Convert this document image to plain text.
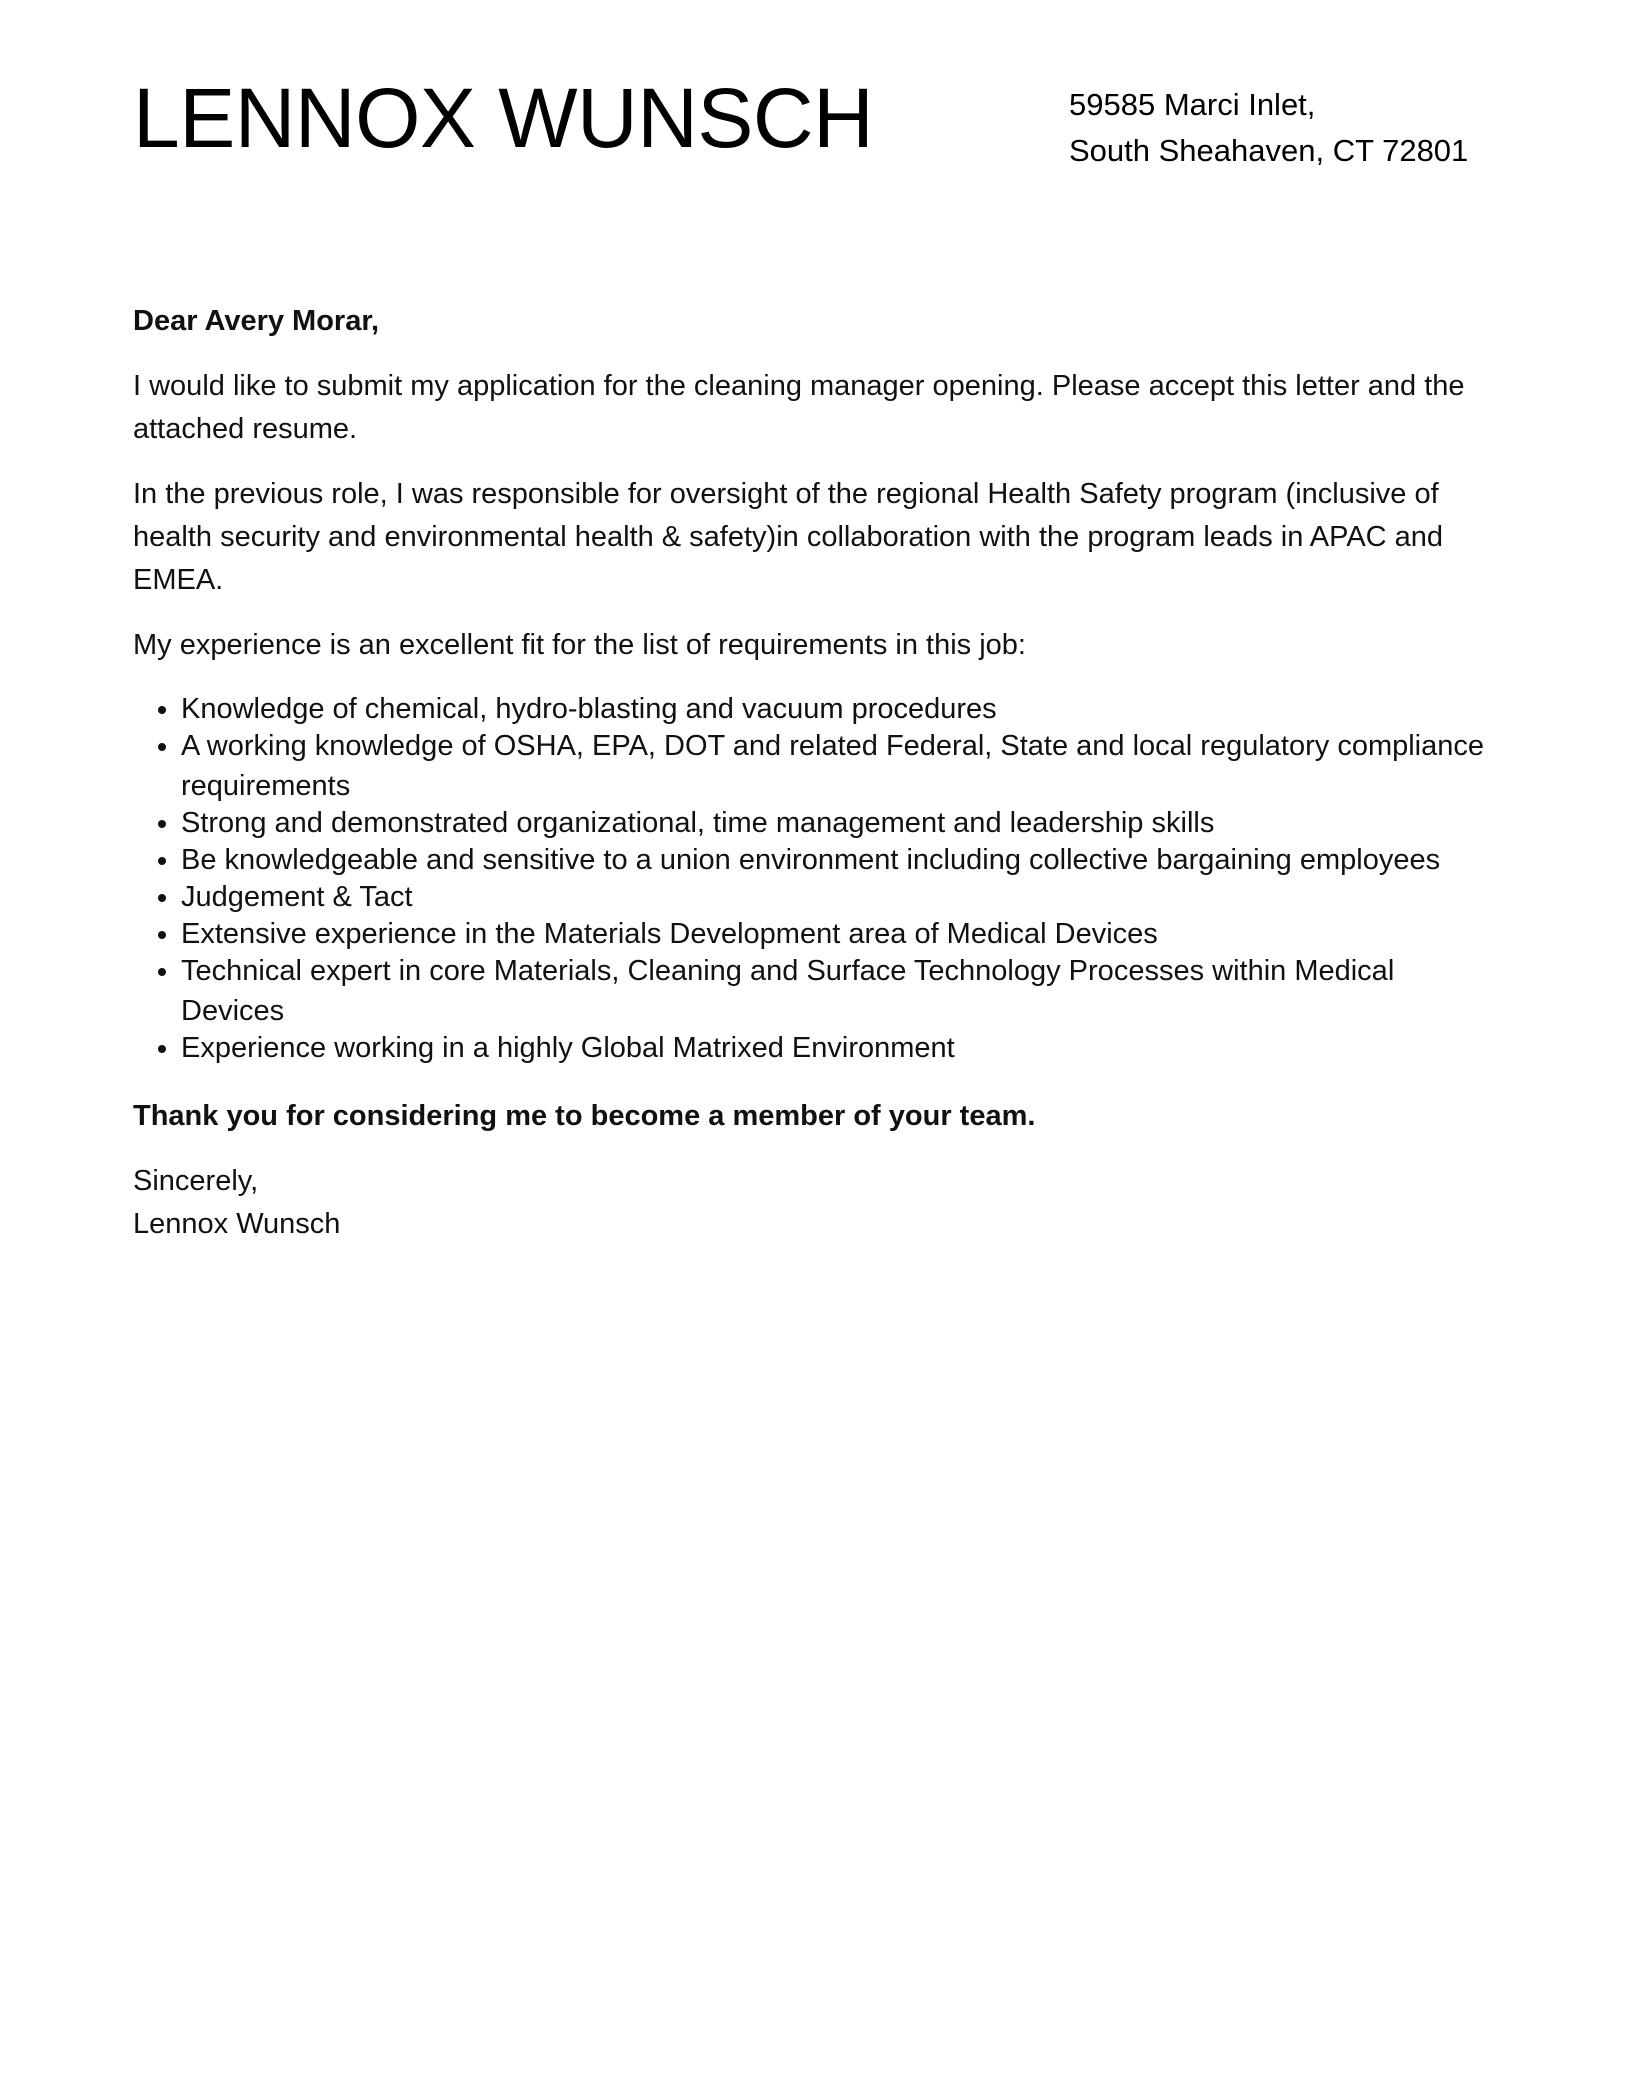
LENNOX WUNSCH	59585 Marci Inlet,
South Sheahaven, CT 72801

Dear Avery Morar,

I would like to submit my application for the cleaning manager opening. Please accept this letter and the attached resume.

In the previous role, I was responsible for oversight of the regional Health Safety program (inclusive of health security and environmental health & safety)in collaboration with the program leads in APAC and EMEA.

My experience is an excellent fit for the list of requirements in this job:

• Knowledge of chemical, hydro-blasting and vacuum procedures
• A working knowledge of OSHA, EPA, DOT and related Federal, State and local regulatory compliance requirements
• Strong and demonstrated organizational, time management and leadership skills
• Be knowledgeable and sensitive to a union environment including collective bargaining employees
• Judgement & Tact
• Extensive experience in the Materials Development area of Medical Devices
• Technical expert in core Materials, Cleaning and Surface Technology Processes within Medical Devices
• Experience working in a highly Global Matrixed Environment

Thank you for considering me to become a member of your team.

Sincerely,
Lennox Wunsch
